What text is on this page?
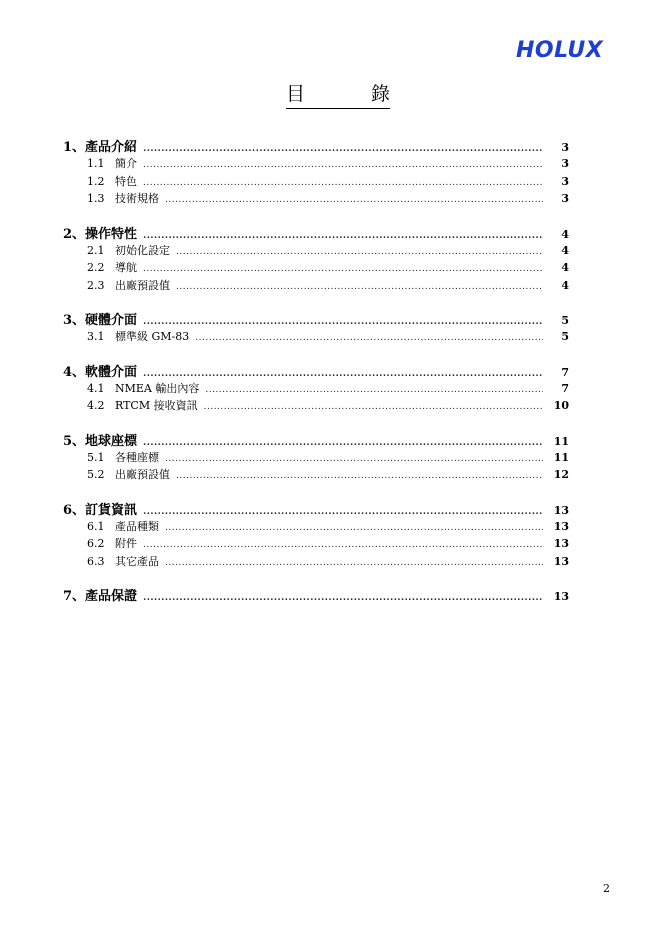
HOLUX
目	錄
1、 產品介紹 .....	3
1.1 簡介 .....	3
1.2 特色 .....	3
1.3 技術規格 .....	3
2、 操作特性 .....	4
2.1 初始化設定 .....	4
2.2 導航 .....	4
2.3 出廠預設值 .....	4
3、 硬體介面 .....	5
3.1 標準級 GM-83 .....	5
4、 軟體介面 .....	7
4.1 NMEA 輸出內容 .....	7
4.2 RTCM 接收資訊 .....	10
5、 地球座標 .....	11
5.1 各種座標 .....	11
5.2 出廠預設值 .....	12
6、 訂貨資訊 .....	13
6.1 產品種類 .....	13
6.2 附件 .....	13
6.3 其它產品 .....	13
7、 產品保證 .....	13
2
